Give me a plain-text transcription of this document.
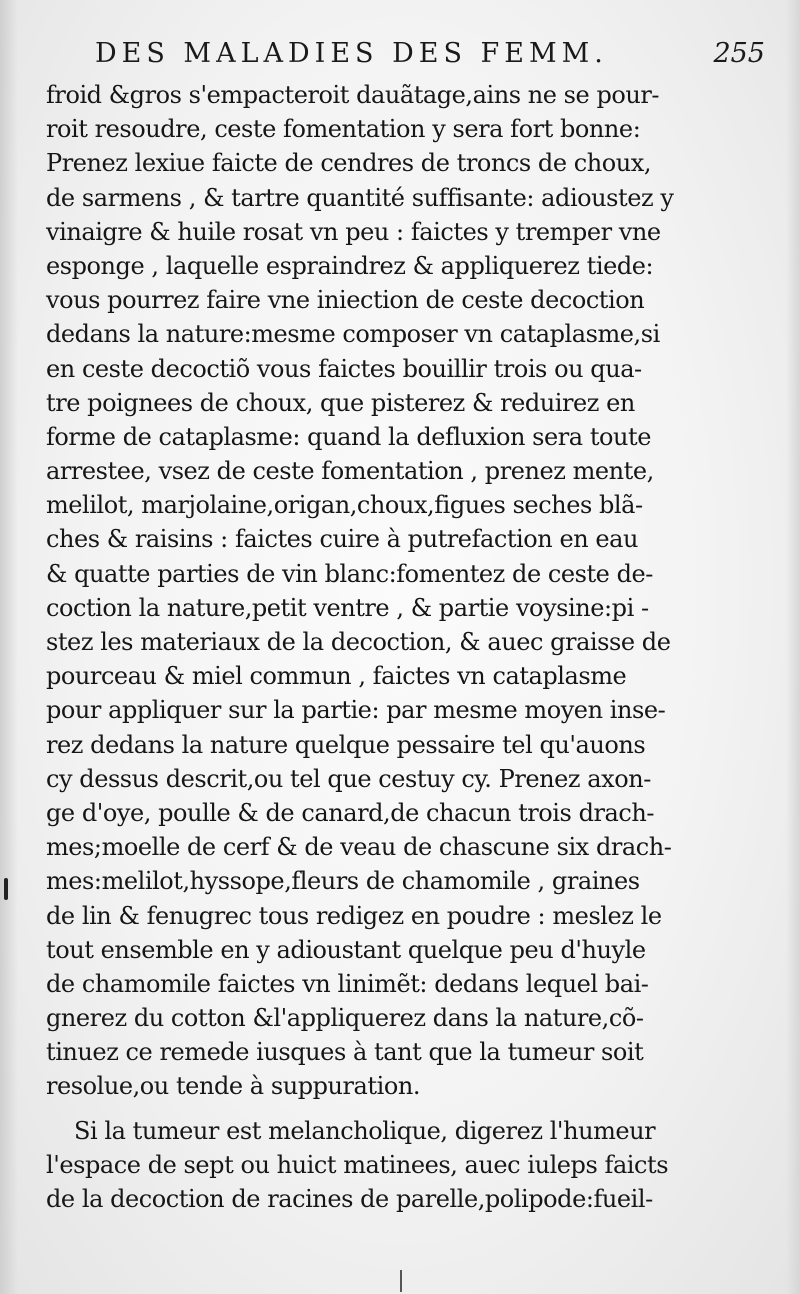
DES MALADIES DES FEMM.	255
froid &gros s'empacteroit dauãtage,ains ne se pour-
roit resoudre, ceste fomentation y sera fort bonne:
Prenez lexiue faicte de cendres de troncs de choux,
de sarmens , & tartre quantité suffisante: adioustez y
vinaigre & huile rosat vn peu : faictes y tremper vne
esponge , laquelle espraindrez & appliquerez tiede:
vous pourrez faire vne iniection de ceste decoction
dedans la nature:mesme composer vn cataplasme,si
en ceste decoctiõ vous faictes bouillir trois ou qua-
tre poignees de choux, que pisterez & reduirez en
forme de cataplasme: quand la defluxion sera toute
arrestee, vsez de ceste fomentation , prenez mente,
melilot, marjolaine,origan,choux,figues seches blã-
ches & raisins : faictes cuire à putrefaction en eau
& quatte parties de vin blanc:fomentez de ceste de-
coction la nature,petit ventre , & partie voysine:pi -
stez les materiaux de la decoction, & auec graisse de
pourceau & miel commun , faictes vn cataplasme
pour appliquer sur la partie: par mesme moyen inse-
rez dedans la nature quelque pessaire tel qu'auons
cy dessus descrit,ou tel que cestuy cy. Prenez axon-
ge d'oye, poulle & de canard,de chacun trois drach-
mes;moelle de cerf & de veau de chascune six drach-
mes:melilot,hyssope,fleurs de chamomile , graines
de lin & fenugrec tous redigez en poudre : meslez le
tout ensemble en y adioustant quelque peu d'huyle
de chamomile faictes vn linimẽt: dedans lequel bai-
gnerez du cotton &l'appliquerez dans la nature,cõ-
tinuez ce remede iusques à tant que la tumeur soit
resolue,ou tende à suppuration.
Si la tumeur est melancholique, digerez l'humeur
l'espace de sept ou huict matinees, auec iuleps faicts
de la decoction de racines de parelle,polipode:fueil-
